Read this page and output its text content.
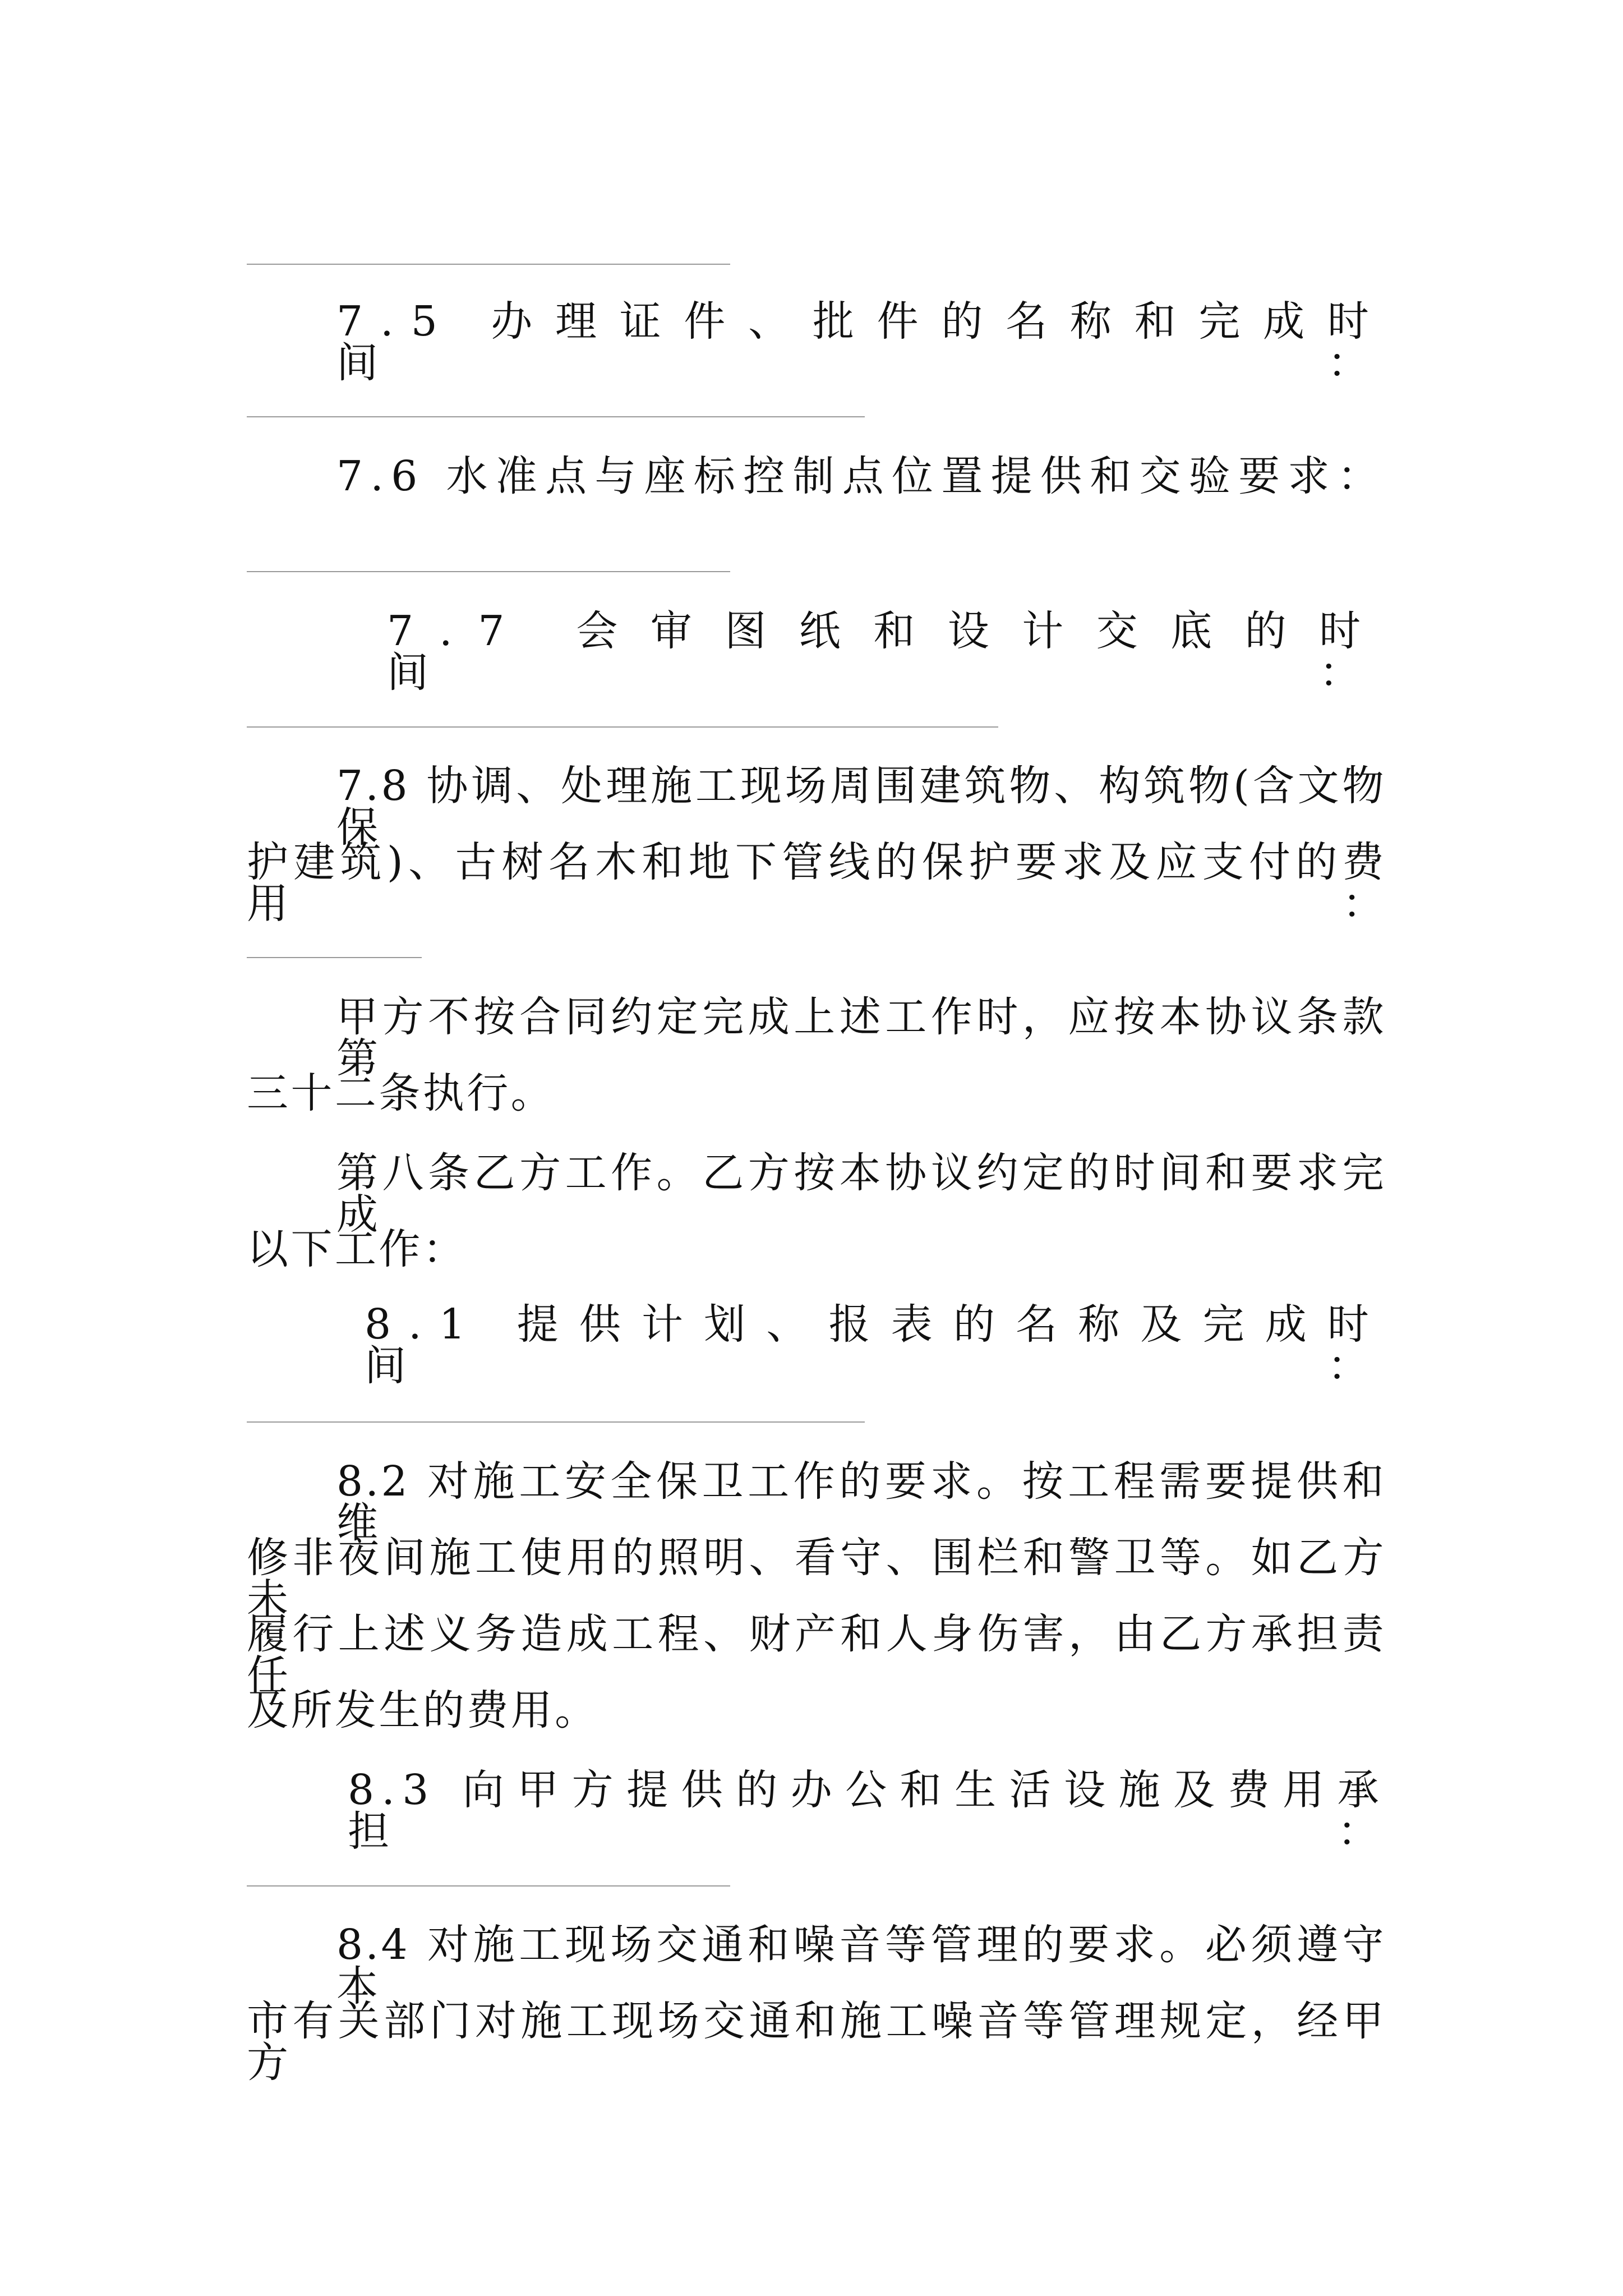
7.5 办理证件、批件的名称和完成时间：
7.6 水准点与座标控制点位置提供和交验要求：
7.7 会审图纸和设计交底的时间：
7.8 协调、处理施工现场周围建筑物、构筑物(含文物保
护建筑)、古树名木和地下管线的保护要求及应支付的费用：
甲方不按合同约定完成上述工作时，应按本协议条款第
三十二条执行。
第八条乙方工作。乙方按本协议约定的时间和要求完成
以下工作：
8.1 提供计划、报表的名称及完成时间：
8.2 对施工安全保卫工作的要求。按工程需要提供和维
修非夜间施工使用的照明、看守、围栏和警卫等。如乙方未
履行上述义务造成工程、财产和人身伤害，由乙方承担责任
及所发生的费用。
8.3 向甲方提供的办公和生活设施及费用承担：
8.4 对施工现场交通和噪音等管理的要求。必须遵守本
市有关部门对施工现场交通和施工噪音等管理规定，经甲方
